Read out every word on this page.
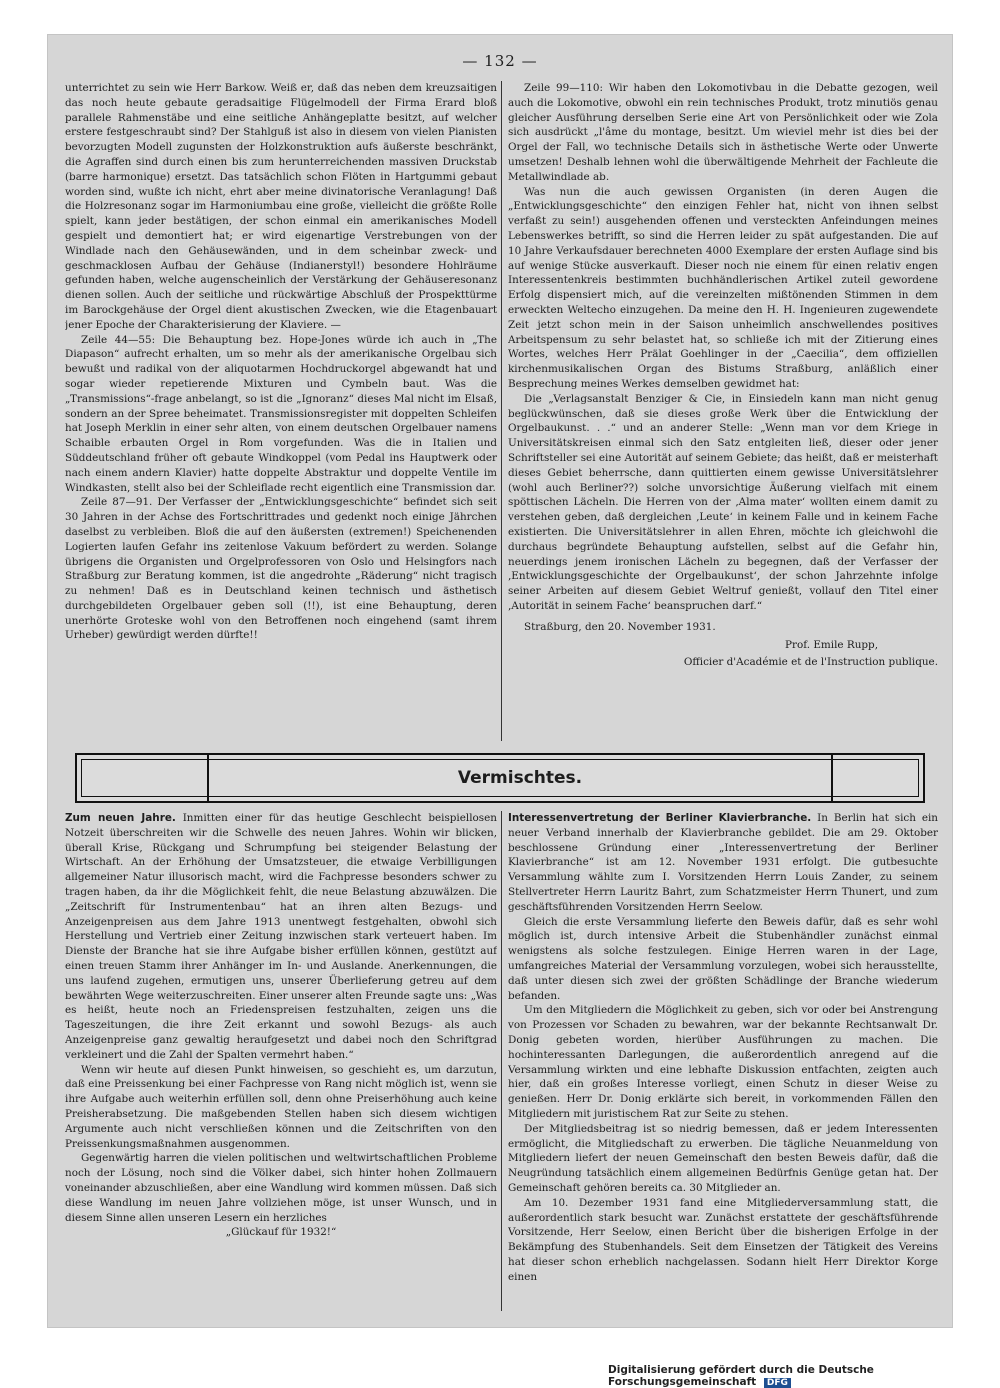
— 132 —

unterrichtet zu sein wie Herr Barkow. Weiß er, daß das neben dem kreuzsaitigen das noch heute gebaute geradsaitige Flügelmodell der Firma Erard bloß parallele Rahmenstäbe und eine seitliche Anhängeplatte besitzt, auf welcher erstere festgeschraubt sind? Der Stahlguß ist also in diesem von vielen Pianisten bevorzugten Modell zugunsten der Holzkonstruktion aufs äußerste beschränkt, die Agraffen sind durch einen bis zum herunterreichenden massiven Druckstab (barre harmonique) ersetzt. Das tatsächlich schon Flöten in Hartgummi gebaut worden sind, wußte ich nicht, ehrt aber meine divinatorische Veranlagung! Daß die Holzresonanz sogar im Harmoniumbau eine große, vielleicht die größte Rolle spielt, kann jeder bestätigen, der schon einmal ein amerikanisches Modell gespielt und demontiert hat; er wird eigenartige Verstrebungen von der Windlade nach den Gehäusewänden, und in dem scheinbar zweck- und geschmacklosen Aufbau der Gehäuse (Indianerstyl!) besondere Hohlräume gefunden haben, welche augenscheinlich der Verstärkung der Gehäuseresonanz dienen sollen. Auch der seitliche und rückwärtige Abschluß der Prospekttürme im Barockgehäuse der Orgel dient akustischen Zwecken, wie die Etagenbauart jener Epoche der Charakterisierung der Klaviere. —

Zeile 44—55: Die Behauptung bez. Hope-Jones würde ich auch in „The Diapason“ aufrecht erhalten, um so mehr als der amerikanische Orgelbau sich bewußt und radikal von der aliquotarmen Hochdruckorgel abgewandt hat und sogar wieder repetierende Mixturen und Cymbeln baut. Was die „Transmissions“-frage anbelangt, so ist die „Ignoranz“ dieses Mal nicht im Elsaß, sondern an der Spree beheimatet. Transmissionsregister mit doppelten Schleifen hat Joseph Merklin in einer sehr alten, von einem deutschen Orgelbauer namens Schaible erbauten Orgel in Rom vorgefunden. Was die in Italien und Süddeutschland früher oft gebaute Windkoppel (vom Pedal ins Hauptwerk oder nach einem andern Klavier) hatte doppelte Abstraktur und doppelte Ventile im Windkasten, stellt also bei der Schleiflade recht eigentlich eine Transmission dar.

Zeile 87—91. Der Verfasser der „Entwicklungsgeschichte“ befindet sich seit 30 Jahren in der Achse des Fortschrittrades und gedenkt noch einige Jährchen daselbst zu verbleiben. Bloß die auf den äußersten (extremen!) Speichenenden Logierten laufen Gefahr ins zeitenlose Vakuum befördert zu werden. Solange übrigens die Organisten und Orgelprofessoren von Oslo und Helsingfors nach Straßburg zur Beratung kommen, ist die angedrohte „Räderung“ nicht tragisch zu nehmen! Daß es in Deutschland keinen technisch und ästhetisch durchgebildeten Orgelbauer geben soll (!!), ist eine Behauptung, deren unerhörte Groteske wohl von den Betroffenen noch eingehend (samt ihrem Urheber) gewürdigt werden dürfte!!

Zeile 99—110: Wir haben den Lokomotivbau in die Debatte gezogen, weil auch die Lokomotive, obwohl ein rein technisches Produkt, trotz minutiös genau gleicher Ausführung derselben Serie eine Art von Persönlichkeit oder wie Zola sich ausdrückt „l'âme du montage, besitzt. Um wieviel mehr ist dies bei der Orgel der Fall, wo technische Details sich in ästhetische Werte oder Unwerte umsetzen! Deshalb lehnen wohl die überwältigende Mehrheit der Fachleute die Metallwindlade ab.

Was nun die auch gewissen Organisten (in deren Augen die „Entwicklungsgeschichte“ den einzigen Fehler hat, nicht von ihnen selbst verfaßt zu sein!) ausgehenden offenen und versteckten Anfeindungen meines Lebenswerkes betrifft, so sind die Herren leider zu spät aufgestanden. Die auf 10 Jahre Verkaufsdauer berechneten 4000 Exemplare der ersten Auflage sind bis auf wenige Stücke ausverkauft. Dieser noch nie einem für einen relativ engen Interessentenkreis bestimmten buchhändlerischen Artikel zuteil gewordene Erfolg dispensiert mich, auf die vereinzelten mißtönenden Stimmen in dem erweckten Weltecho einzugehen. Da meine den H. H. Ingenieuren zugewendete Zeit jetzt schon mein in der Saison unheimlich anschwellendes positives Arbeitspensum zu sehr belastet hat, so schließe ich mit der Zitierung eines Wortes, welches Herr Prälat Goehlinger in der „Caecilia“, dem offiziellen kirchenmusikalischen Organ des Bistums Straßburg, anläßlich einer Besprechung meines Werkes demselben gewidmet hat:

Die „Verlagsanstalt Benziger & Cie, in Einsiedeln kann man nicht genug beglückwünschen, daß sie dieses große Werk über die Entwicklung der Orgelbaukunst. . .“ und an anderer Stelle: „Wenn man vor dem Kriege in Universitätskreisen einmal sich den Satz entgleiten ließ, dieser oder jener Schriftsteller sei eine Autorität auf seinem Gebiete; das heißt, daß er meisterhaft dieses Gebiet beherrsche, dann quittierten einem gewisse Universitätslehrer (wohl auch Berliner??) solche unvorsichtige Äußerung vielfach mit einem spöttischen Lächeln. Die Herren von der ‚Alma mater‘ wollten einem damit zu verstehen geben, daß dergleichen ‚Leute‘ in keinem Falle und in keinem Fache existierten. Die Universitätslehrer in allen Ehren, möchte ich gleichwohl die durchaus begründete Behauptung aufstellen, selbst auf die Gefahr hin, neuerdings jenem ironischen Lächeln zu begegnen, daß der Verfasser der ‚Entwicklungsgeschichte der Orgelbaukunst‘, der schon Jahrzehnte infolge seiner Arbeiten auf diesem Gebiet Weltruf genießt, vollauf den Titel einer ‚Autorität in seinem Fache‘ beanspruchen darf.“

Straßburg, den 20. November 1931.
Prof. Emile Rupp,
Officier d'Académie et de l'Instruction publique.
Vermischtes.

Zum neuen Jahre. Inmitten einer für das heutige Geschlecht beispiellosen Notzeit überschreiten wir die Schwelle des neuen Jahres. Wohin wir blicken, überall Krise, Rückgang und Schrumpfung bei steigender Belastung der Wirtschaft. An der Erhöhung der Umsatzsteuer, die etwaige Verbilligungen allgemeiner Natur illusorisch macht, wird die Fachpresse besonders schwer zu tragen haben, da ihr die Möglichkeit fehlt, die neue Belastung abzuwälzen. Die „Zeitschrift für Instrumentenbau“ hat an ihren alten Bezugs- und Anzeigenpreisen aus dem Jahre 1913 unentwegt festgehalten, obwohl sich Herstellung und Vertrieb einer Zeitung inzwischen stark verteuert haben. Im Dienste der Branche hat sie ihre Aufgabe bisher erfüllen können, gestützt auf einen treuen Stamm ihrer Anhänger im In- und Auslande. Anerkennungen, die uns laufend zugehen, ermutigen uns, unserer Überlieferung getreu auf dem bewährten Wege weiterzuschreiten. Einer unserer alten Freunde sagte uns: „Was es heißt, heute noch an Friedenspreisen festzuhalten, zeigen uns die Tageszeitungen, die ihre Zeit erkannt und sowohl Bezugs- als auch Anzeigenpreise ganz gewaltig heraufgesetzt und dabei noch den Schriftgrad verkleinert und die Zahl der Spalten vermehrt haben.“

Wenn wir heute auf diesen Punkt hinweisen, so geschieht es, um darzutun, daß eine Preissenkung bei einer Fachpresse von Rang nicht möglich ist, wenn sie ihre Aufgabe auch weiterhin erfüllen soll, denn ohne Preiserhöhung auch keine Preisherabsetzung. Die maßgebenden Stellen haben sich diesem wichtigen Argumente auch nicht verschließen können und die Zeitschriften von den Preissenkungsmaßnahmen ausgenommen.

Gegenwärtig harren die vielen politischen und weltwirtschaftlichen Probleme noch der Lösung, noch sind die Völker dabei, sich hinter hohen Zollmauern voneinander abzuschließen, aber eine Wandlung wird kommen müssen. Daß sich diese Wandlung im neuen Jahre vollziehen möge, ist unser Wunsch, und in diesem Sinne allen unseren Lesern ein herzliches

„Glückauf für 1932!“

Interessenvertretung der Berliner Klavierbranche. In Berlin hat sich ein neuer Verband innerhalb der Klavierbranche gebildet. Die am 29. Oktober beschlossene Gründung einer „Interessenvertretung der Berliner Klavierbranche“ ist am 12. November 1931 erfolgt. Die gutbesuchte Versammlung wählte zum I. Vorsitzenden Herrn Louis Zander, zu seinem Stellvertreter Herrn Lauritz Bahrt, zum Schatzmeister Herrn Thunert, und zum geschäftsführenden Vorsitzenden Herrn Seelow.

Gleich die erste Versammlung lieferte den Beweis dafür, daß es sehr wohl möglich ist, durch intensive Arbeit die Stubenhändler zunächst einmal wenigstens als solche festzulegen. Einige Herren waren in der Lage, umfangreiches Material der Versammlung vorzulegen, wobei sich herausstellte, daß unter diesen sich zwei der größten Schädlinge der Branche wiederum befanden.

Um den Mitgliedern die Möglichkeit zu geben, sich vor oder bei Anstrengung von Prozessen vor Schaden zu bewahren, war der bekannte Rechtsanwalt Dr. Donig gebeten worden, hierüber Ausführungen zu machen. Die hochinteressanten Darlegungen, die außerordentlich anregend auf die Versammlung wirkten und eine lebhafte Diskussion entfachten, zeigten auch hier, daß ein großes Interesse vorliegt, einen Schutz in dieser Weise zu genießen. Herr Dr. Donig erklärte sich bereit, in vorkommenden Fällen den Mitgliedern mit juristischem Rat zur Seite zu stehen.

Der Mitgliedsbeitrag ist so niedrig bemessen, daß er jedem Interessenten ermöglicht, die Mitgliedschaft zu erwerben. Die tägliche Neuanmeldung von Mitgliedern liefert der neuen Gemeinschaft den besten Beweis dafür, daß die Neugründung tatsächlich einem allgemeinen Bedürfnis Genüge getan hat. Der Gemeinschaft gehören bereits ca. 30 Mitglieder an.

Am 10. Dezember 1931 fand eine Mitgliederversammlung statt, die außerordentlich stark besucht war. Zunächst erstattete der geschäftsführende Vorsitzende, Herr Seelow, einen Bericht über die bisherigen Erfolge in der Bekämpfung des Stubenhandels. Seit dem Einsetzen der Tätigkeit des Vereins hat dieser schon erheblich nachgelassen. Sodann hielt Herr Direktor Korge einen

Digitalisierung gefördert durch die Deutsche Forschungsgemeinschaft DFG
